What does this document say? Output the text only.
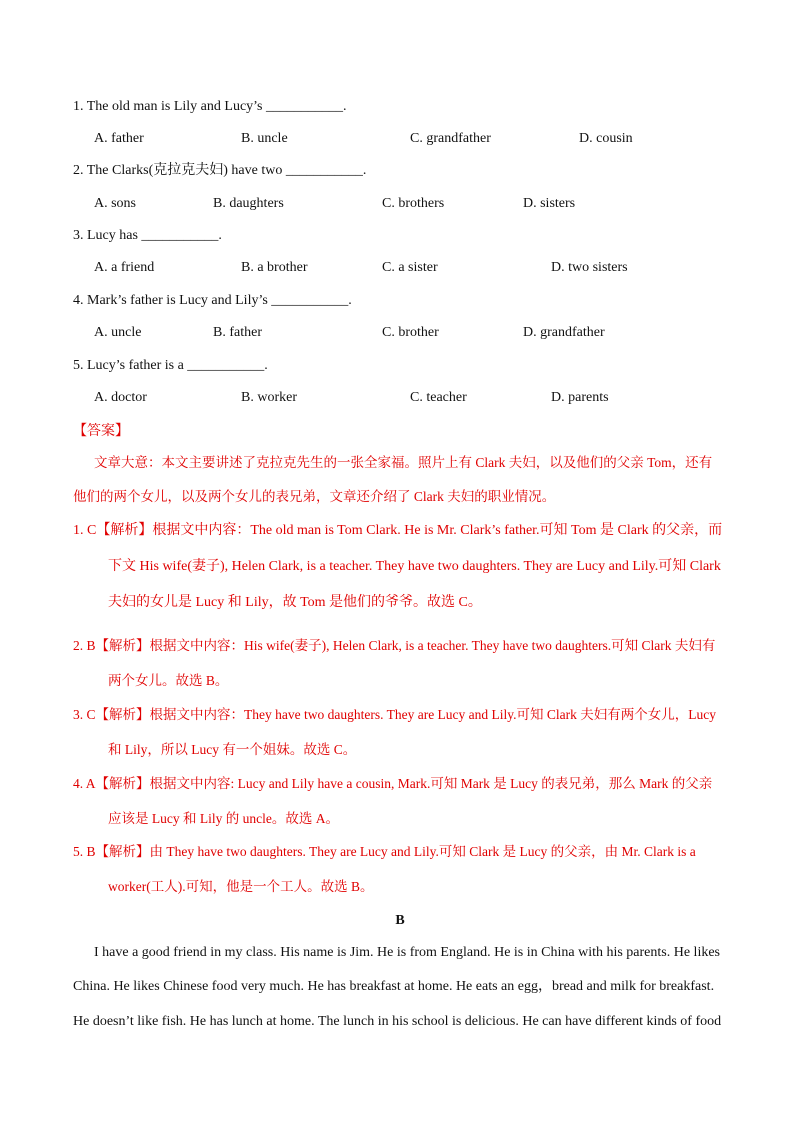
1. The old man is Lily and Lucy’s ___________.
A. father	B. uncle	C. grandfather	D. cousin
2. The Clarks(克拉克夫妇) have two ___________.
A. sons	B. daughters	C. brothers	D. sisters
3. Lucy has ___________.
A. a friend	B. a brother	C. a sister	D. two sisters
4. Mark’s father is Lucy and Lily’s ___________.
A. uncle	B. father	C. brother	D. grandfather
5. Lucy’s father is a ___________.
A. doctor	B. worker	C. teacher	D. parents
【答案】
文章大意：本文主要讲述了克拉克先生的一张全家福。照片上有 Clark 夫妇，以及他们的父亲 Tom，还有
他们的两个女儿，以及两个女儿的表兄弟，文章还介绍了 Clark 夫妇的职业情况。
1. C【解析】根据文中内容：The old man is Tom Clark. He is Mr. Clark’s father.可知 Tom 是 Clark 的父亲，而
下文 His wife(妻子), Helen Clark, is a teacher. They have two daughters. They are Lucy and Lily.可知 Clark
夫妇的女儿是 Lucy 和 Lily，故 Tom 是他们的爷爷。故选 C。
2. B【解析】根据文中内容：His wife(妻子), Helen Clark, is a teacher. They have two daughters.可知 Clark 夫妇有
两个女儿。故选 B。
3. C【解析】根据文中内容：They have two daughters. They are Lucy and Lily.可知 Clark 夫妇有两个女儿，Lucy
和 Lily，所以 Lucy 有一个姐妹。故选 C。
4. A【解析】根据文中内容: Lucy and Lily have a cousin, Mark.可知 Mark 是 Lucy 的表兄弟，那么 Mark 的父亲
应该是 Lucy 和 Lily 的 uncle。故选 A。
5. B【解析】由 They have two daughters. They are Lucy and Lily.可知 Clark 是 Lucy 的父亲，由 Mr. Clark is a
worker(工人).可知，他是一个工人。故选 B。
B
I have a good friend in my class. His name is Jim. He is from England. He is in China with his parents. He likes
China. He likes Chinese food very much. He has breakfast at home. He eats an egg，bread and milk for breakfast.
He doesn’t like fish. He has lunch at home. The lunch in his school is delicious. He can have different kinds of food
